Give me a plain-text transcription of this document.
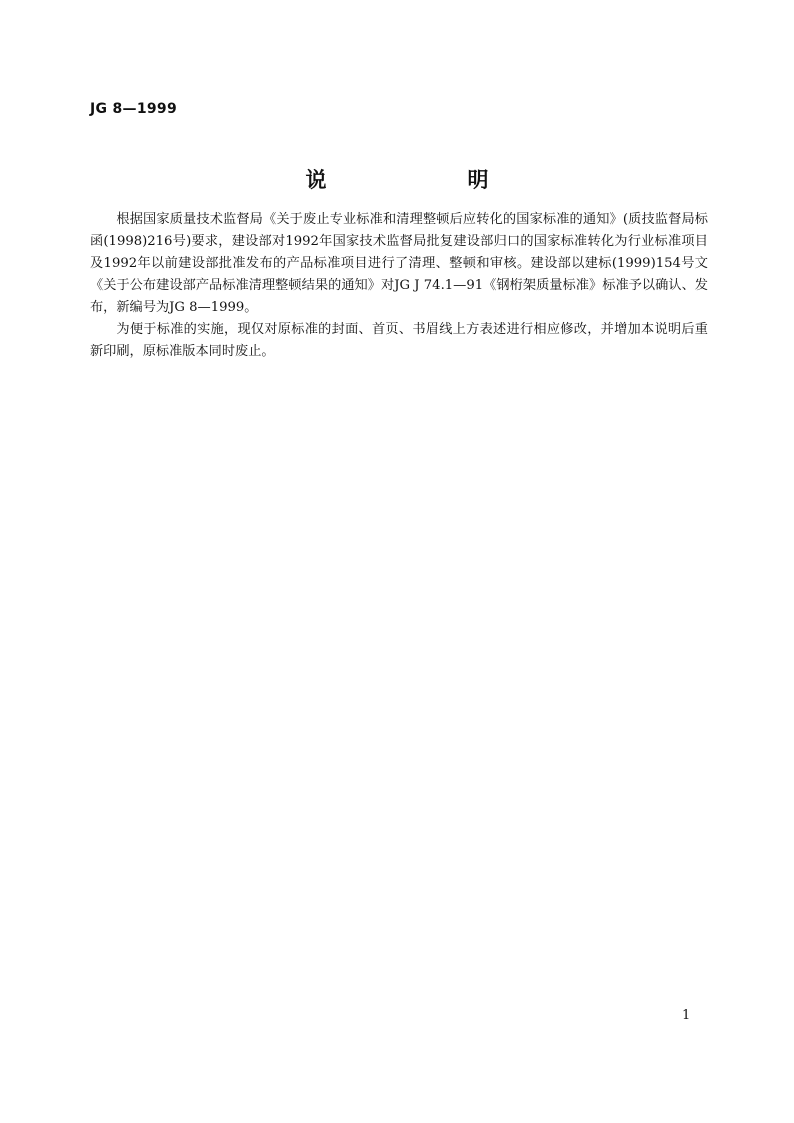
JG 8—1999
说　明

根据国家质量技术监督局《关于废止专业标准和清理整顿后应转化的国家标准的通知》(质技监督局标函(1998)216号)要求，建设部对1992年国家技术监督局批复建设部归口的国家标准转化为行业标准项目及1992年以前建设部批准发布的产品标准项目进行了清理、整顿和审核。建设部以建标(1999)154号文《关于公布建设部产品标准清理整顿结果的通知》对JG J 74.1—91《钢桁架质量标准》标准予以确认、发布，新编号为JG 8—1999。

为便于标准的实施，现仅对原标准的封面、首页、书眉线上方表述进行相应修改，并增加本说明后重新印刷，原标准版本同时废止。

1
